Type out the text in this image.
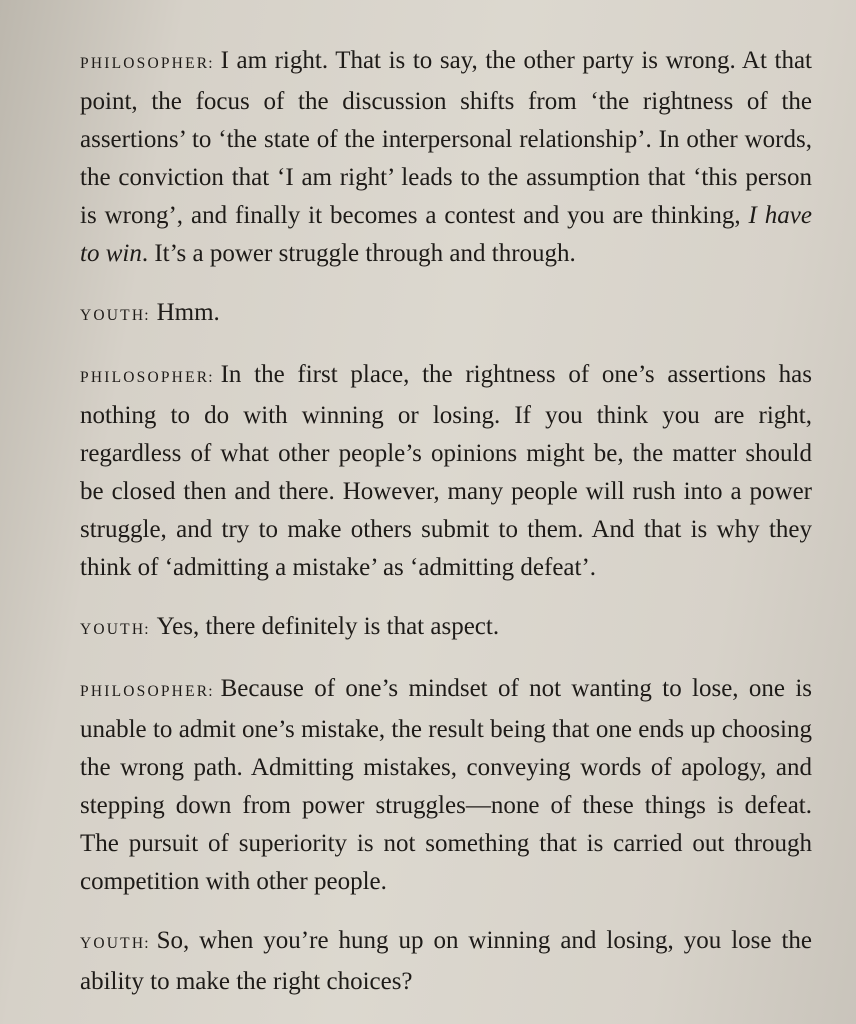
PHILOSOPHER : I am right. That is to say, the other party is wrong. At that point, the focus of the discussion shifts from ‘the rightness of the assertions’ to ‘the state of the interpersonal relationship’. In other words, the conviction that ‘I am right’ leads to the assumption that ‘this person is wrong’, and finally it becomes a contest and you are thinking, I have to win. It’s a power struggle through and through.

YOUTH : Hmm.

PHILOSOPHER : In the first place, the rightness of one’s assertions has nothing to do with winning or losing. If you think you are right, regardless of what other people’s opinions might be, the matter should be closed then and there. However, many people will rush into a power struggle, and try to make others submit to them. And that is why they think of ‘admitting a mistake’ as ‘admitting defeat’.

YOUTH : Yes, there definitely is that aspect.

PHILOSOPHER : Because of one’s mindset of not wanting to lose, one is unable to admit one’s mistake, the result being that one ends up choosing the wrong path. Admitting mistakes, conveying words of apology, and stepping down from power struggles—none of these things is defeat. The pursuit of superiority is not something that is carried out through competition with other people.

YOUTH : So, when you’re hung up on winning and losing, you lose the ability to make the right choices?
